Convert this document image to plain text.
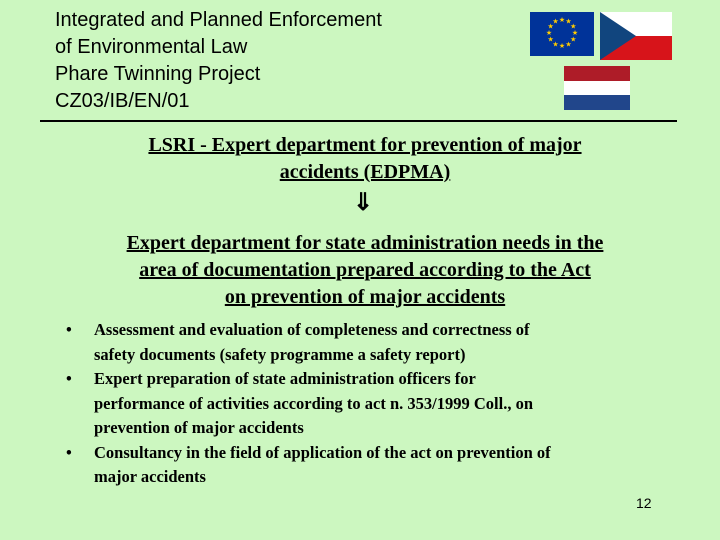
Integrated and Planned Enforcement
of Environmental Law
Phare Twinning Project
CZ03/IB/EN/01
★ ★
★
★
★
★
★
★
★
★
★
★
LSRI - Expert department for prevention of major
accidents (EDPMA)
⇓
Expert department for state administration needs in the
area of documentation prepared according to the Act
on prevention of major accidents
•	Assessment and evaluation of completeness and correctness of
safety documents (safety programme a safety report)
•	Expert preparation of state administration officers for
performance of activities according to act n. 353/1999 Coll., on
prevention of major accidents
•	Consultancy in the field of application of the act on prevention of
major accidents
12
